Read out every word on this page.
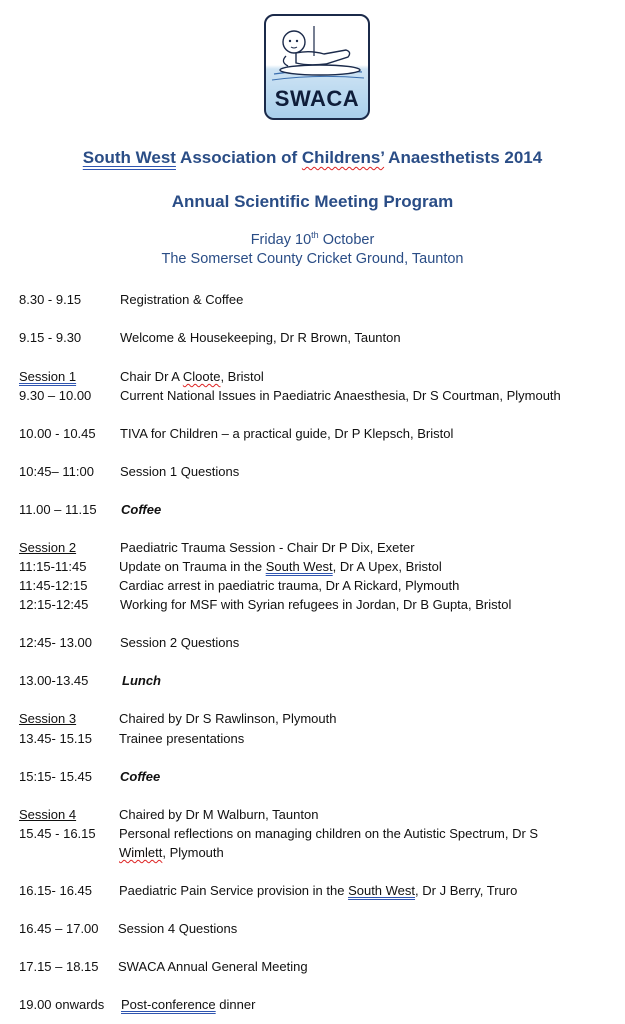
SWACA
South West Association of Childrens’ Anaesthetists 2014
Annual Scientific Meeting Program
Friday 10th October
The Somerset County Cricket Ground, Taunton
8.30 - 9.15	Registration & Coffee
9.15 - 9.30	Welcome & Housekeeping, Dr R Brown, Taunton
Session 1	Chair Dr A Cloote, Bristol
9.30 – 10.00 Current National Issues in Paediatric Anaesthesia, Dr S Courtman, Plymouth
10.00 - 10.45 TIVA for Children – a practical guide, Dr P Klepsch, Bristol
10:45– 11:00 Session 1 Questions
11.00 – 11.15 Coffee
Session 2	Paediatric Trauma Session - Chair Dr P Dix, Exeter
11:15-11:45	Update on Trauma in the South West, Dr A Upex, Bristol
11:45-12:15 Cardiac arrest in paediatric trauma, Dr A Rickard, Plymouth
12:15-12:45 Working for MSF with Syrian refugees in Jordan, Dr B Gupta, Bristol
12:45- 13.00 Session 2 Questions
13.00-13.45	Lunch
Session 3	Chaired by Dr S Rawlinson, Plymouth
13.45- 15.15 Trainee presentations
15:15- 15.45 Coffee
Session 4	Chaired by Dr M Walburn, Taunton
15.45 - 16.15 Personal reflections on managing children on the Autistic Spectrum, Dr S
Wimlett, Plymouth
16.15- 16.45 Paediatric Pain Service provision in the South West, Dr J Berry, Truro
16.45 – 17.00 Session 4 Questions
17.15 – 18.15 SWACA Annual General Meeting
19.00 onwards Post-conference dinner
